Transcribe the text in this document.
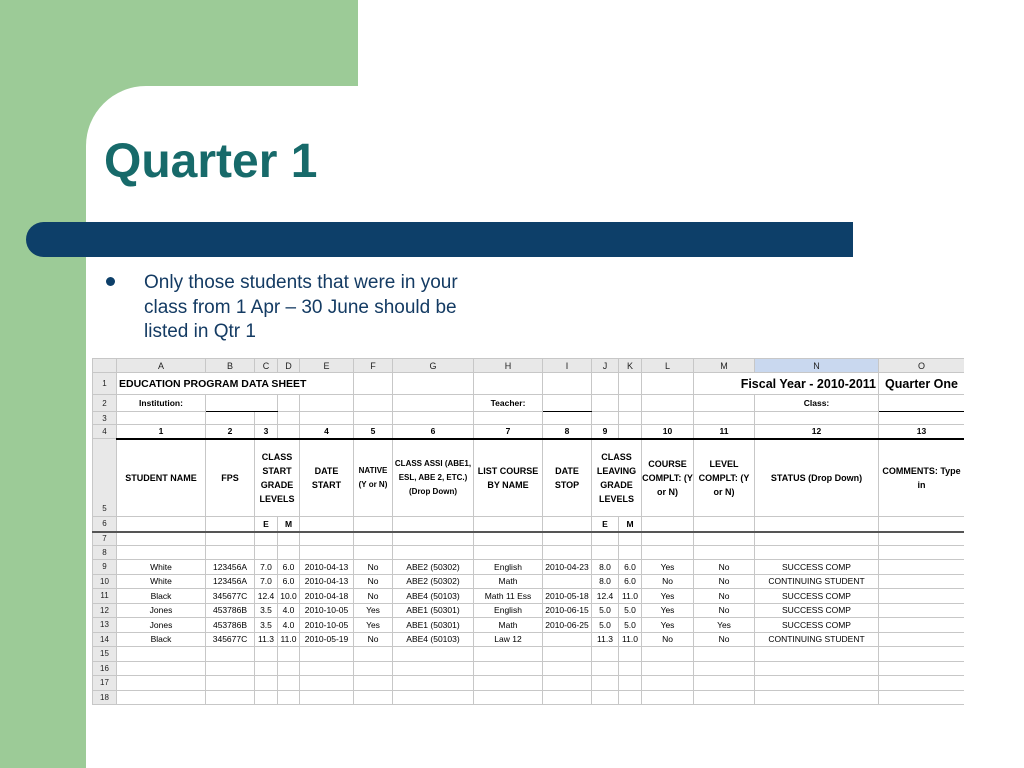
Quarter 1
Only those students that were in your class from 1 Apr – 30 June should be listed in Qtr 1
	A	B	C	D	E	F	G	H	I	J	K	L	M	N	O	
1	EDUCATION PROGRAM DATA SHEET												Fiscal Year - 2010-2011		Quarter One	
2	Institution:							Teacher:						Class:		
3																
4	1	2	3		4	5	6	7	8	9		10	11	12	13	
5	STUDENT NAME	FPS	CLASS START GRADE LEVELS		DATE START	NATIVE (Y or N)	CLASS ASSI (ABE1, ESL, ABE 2, ETC.) (Drop Down)	LIST COURSE BY NAME	DATE STOP	CLASS LEAVING GRADE LEVELS		COURSE COMPLT: (Y or N)	LEVEL COMPLT: (Y or N)	STATUS (Drop Down)	COMMENTS: Type in	
6			E	M						E	M					
7																
8																
9	White	123456A	7.0	6.0	2010-04-13	No	ABE2 (50302)	English	2010-04-23	8.0	6.0	Yes	No	SUCCESS COMP		
10	White	123456A	7.0	6.0	2010-04-13	No	ABE2 (50302)	Math		8.0	6.0	No	No	CONTINUING STUDENT		
11	Black	345677C	12.4	10.0	2010-04-18	No	ABE4 (50103)	Math 11 Ess	2010-05-18	12.4	11.0	Yes	No	SUCCESS COMP		
12	Jones	453786B	3.5	4.0	2010-10-05	Yes	ABE1 (50301)	English	2010-06-15	5.0	5.0	Yes	No	SUCCESS COMP		
13	Jones	453786B	3.5	4.0	2010-10-05	Yes	ABE1 (50301)	Math	2010-06-25	5.0	5.0	Yes	Yes	SUCCESS COMP		
14	Black	345677C	11.3	11.0	2010-05-19	No	ABE4 (50103)	Law 12		11.3	11.0	No	No	CONTINUING STUDENT		
15																
16																
17																
18																
